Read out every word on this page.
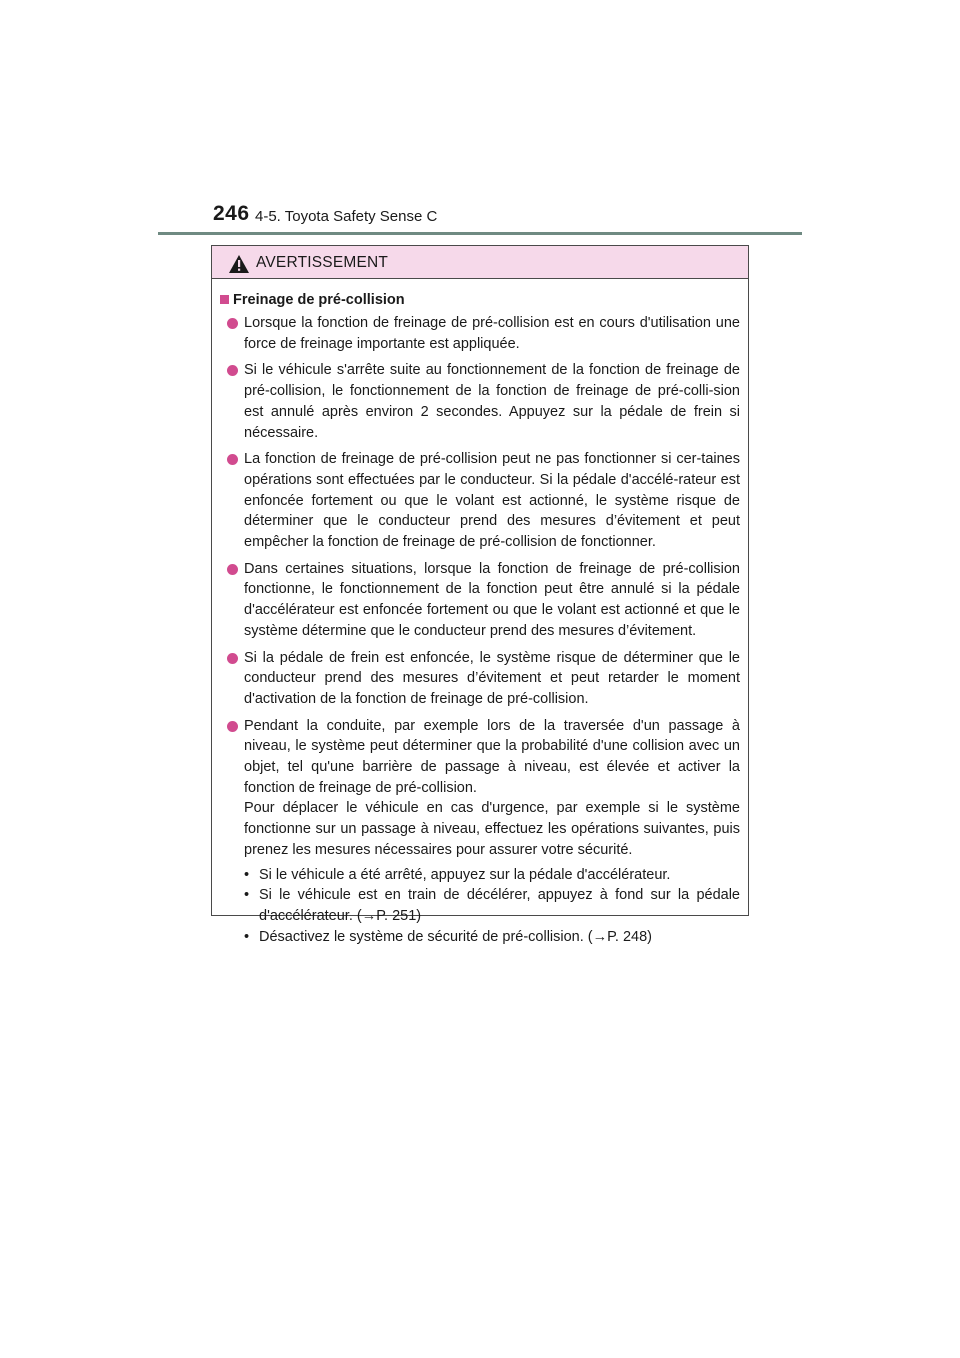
246 4-5. Toyota Safety Sense C
AVERTISSEMENT
Freinage de pré-collision
Lorsque la fonction de freinage de pré-collision est en cours d'utilisation une force de freinage importante est appliquée.
Si le véhicule s'arrête suite au fonctionnement de la fonction de freinage de pré-collision, le fonctionnement de la fonction de freinage de pré-colli-sion est annulé après environ 2 secondes. Appuyez sur la pédale de frein si nécessaire.
La fonction de freinage de pré-collision peut ne pas fonctionner si cer-taines opérations sont effectuées par le conducteur. Si la pédale d'accélé-rateur est enfoncée fortement ou que le volant est actionné, le système risque de déterminer que le conducteur prend des mesures d’évitement et peut empêcher la fonction de freinage de pré-collision de fonctionner.
Dans certaines situations, lorsque la fonction de freinage de pré-collision fonctionne, le fonctionnement de la fonction peut être annulé si la pédale d'accélérateur est enfoncée fortement ou que le volant est actionné et que le système détermine que le conducteur prend des mesures d’évitement.
Si la pédale de frein est enfoncée, le système risque de déterminer que le conducteur prend des mesures d’évitement et peut retarder le moment d'activation de la fonction de freinage de pré-collision.
Pendant la conduite, par exemple lors de la traversée d'un passage à niveau, le système peut déterminer que la probabilité d'une collision avec un objet, tel qu'une barrière de passage à niveau, est élevée et activer la fonction de freinage de pré-collision.
Pour déplacer le véhicule en cas d'urgence, par exemple si le système fonctionne sur un passage à niveau, effectuez les opérations suivantes, puis prenez les mesures nécessaires pour assurer votre sécurité.
• Si le véhicule a été arrêté, appuyez sur la pédale d'accélérateur.
• Si le véhicule est en train de décélérer, appuyez à fond sur la pédale d'accélérateur. (→P. 251)
• Désactivez le système de sécurité de pré-collision. (→P. 248)
